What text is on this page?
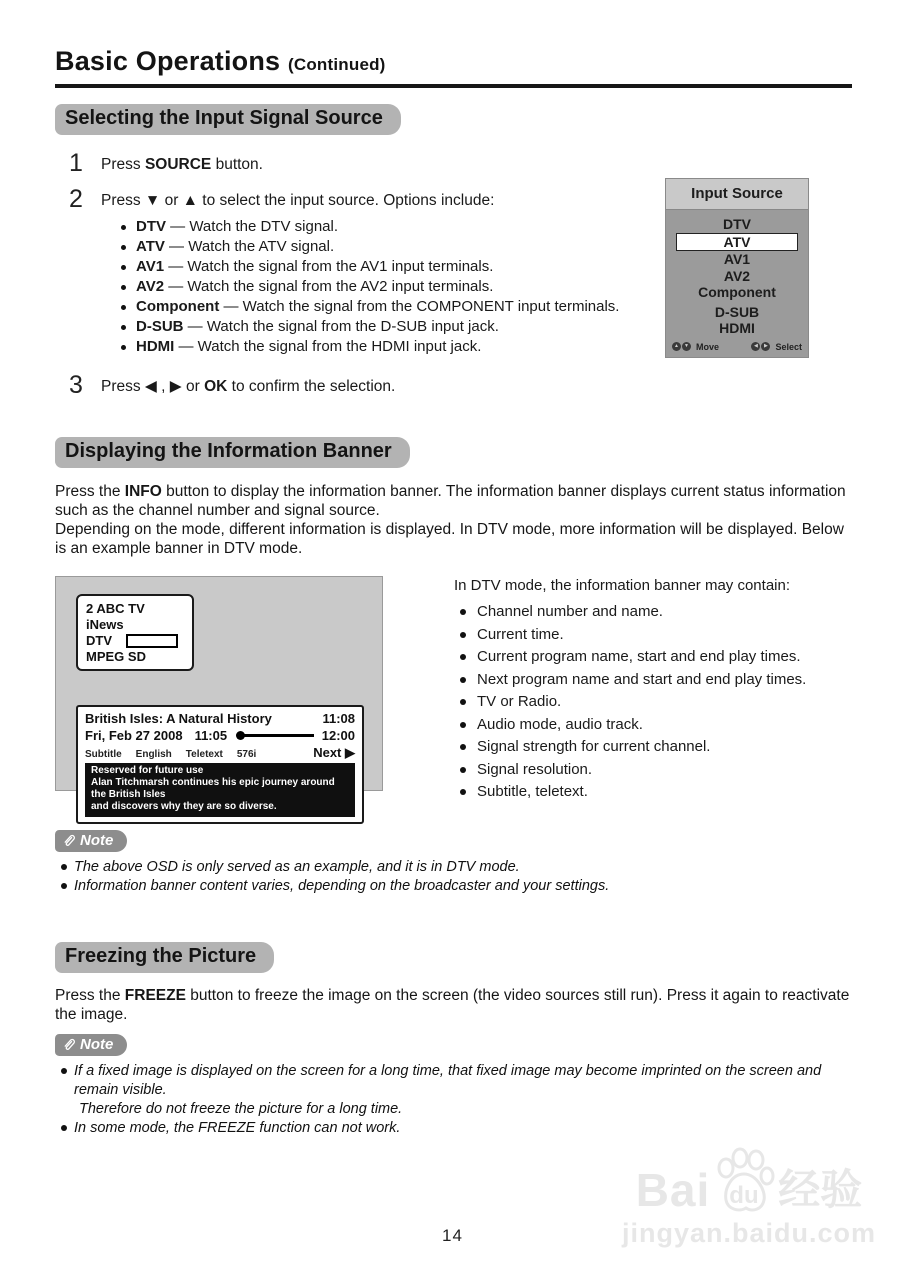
Basic Operations (Continued)
Selecting the Input Signal Source
1	Press SOURCE button.
2	Press ▼ or ▲ to select the input source. Options include:
DTV — Watch the DTV signal.
ATV — Watch the ATV signal.
AV1 — Watch the signal from the AV1 input terminals.
AV2 — Watch the signal from the AV2 input terminals.
Component — Watch the signal from the COMPONENT input terminals.
D-SUB — Watch the signal from the D-SUB input jack.
HDMI — Watch the signal from the HDMI input jack.
3	Press ◀ , ▶ or OK to confirm the selection.
Displaying the Information Banner
Press the INFO button to display the information banner. The information banner displays current status information such as the channel number and signal source.
Depending on the mode, different information is displayed. In DTV mode, more information will be displayed. Below is an example banner in DTV mode.
2 ABC TV iNews
DTV
MPEG SD
British Isles: A Natural History	11:08
Fri, Feb 27 2008 11:05	12:00
Subtitle English Teletext 576i	Next ▶
Reserved for future use
Alan Titchmarsh continues his epic journey around the British Isles
and discovers why they are so diverse.
In DTV mode, the information banner may contain:
Channel number and name.
Current time.
Current program name, start and end play times.
Next program name and start and end play times.
TV or Radio.
Audio mode, audio track.
Signal strength for current channel.
Signal resolution.
Subtitle, teletext.
Note
The above OSD is only served as an example, and it is in DTV mode.
Information banner content varies, depending on the broadcaster and your settings.
Freezing the Picture
Press the FREEZE button to freeze the image on the screen (the video sources still run). Press it again to reactivate the image.
Note
If a fixed image is displayed on the screen for a long time, that fixed image may become imprinted on the screen and remain visible.
Therefore do not freeze the picture for a long time.
In some mode, the FREEZE function can not work.
Input Source
DTV
ATV
AV1
AV2
Component
D-SUB
HDMI
▲	▼ Move	◀	▶ Select
Bai du 经验
jingyan.baidu.com
14
